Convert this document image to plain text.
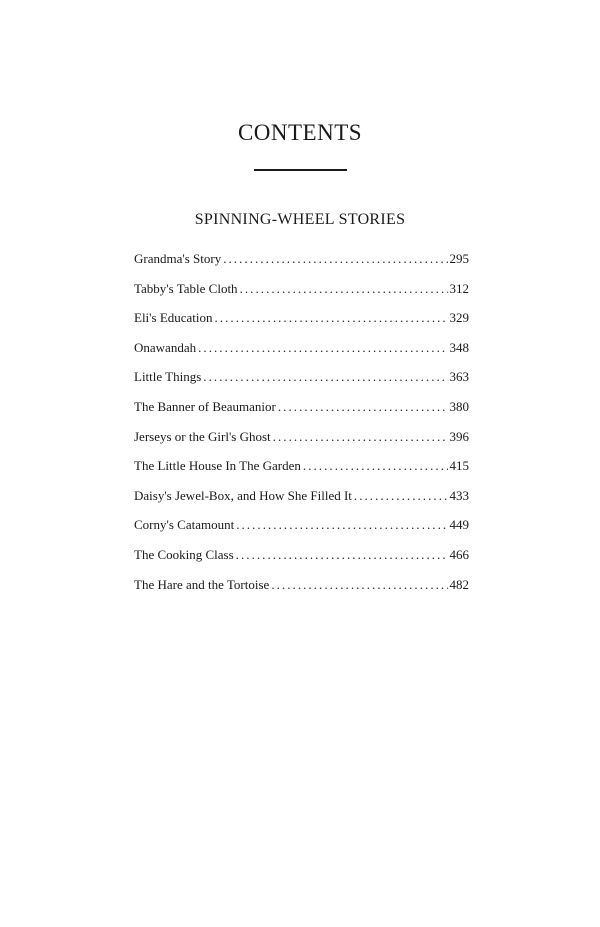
CONTENTS
SPINNING-WHEEL STORIES
Grandma's Story . . .	295
Tabby's Table Cloth . . .	312
Eli's Education . . .	329
Onawandah . . .	348
Little Things . . .	363
The Banner of Beaumanior . . .	380
Jerseys or the Girl's Ghost . . .	396
The Little House In The Garden . . .	415
Daisy's Jewel-Box, and How She Filled It . . .	433
Corny's Catamount . . .	449
The Cooking Class . . .	466
The Hare and the Tortoise . . .	482
